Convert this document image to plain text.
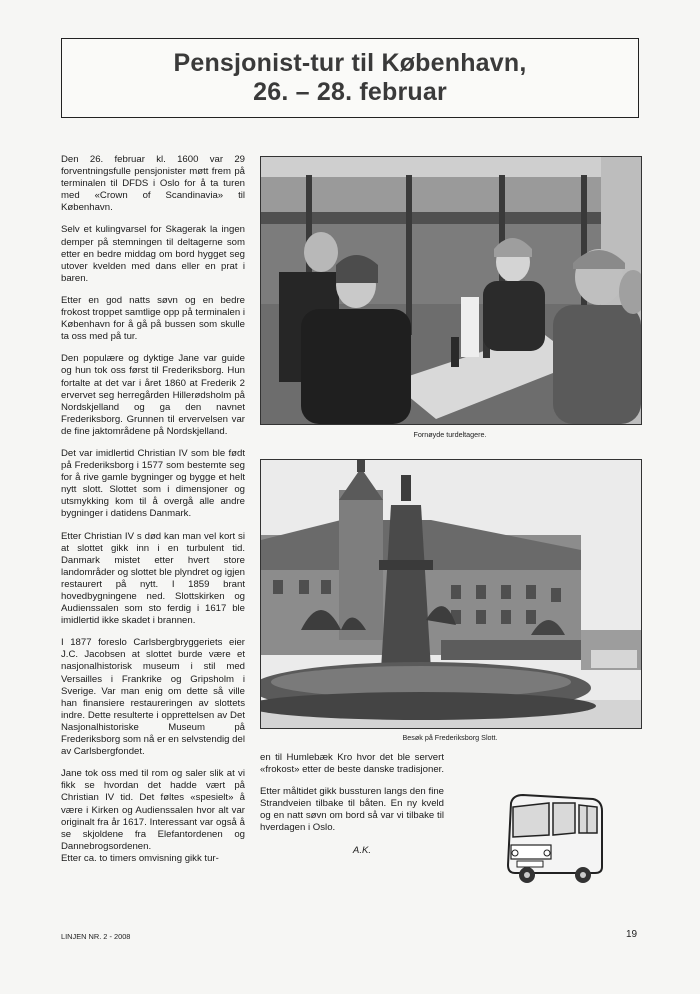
Pensjonist-tur til København,
26. – 28. februar

Den 26. februar kl. 1600 var 29 forventningsfulle pensjonister møtt frem på terminalen til DFDS i Oslo for å ta turen med «Crown of Scandinavia» til København.

Selv et kulingvarsel for Skagerak la ingen demper på stemningen til deltagerne som etter en bedre middag om bord hygget seg utover kvelden med dans eller en prat i baren.

Etter en god natts søvn og en bedre frokost troppet samtlige opp på terminalen i København for å gå på bussen som skulle ta oss med på tur.

Den populære og dyktige Jane var guide og hun tok oss først til Frederiksborg. Hun fortalte at det var i året 1860 at Frederik 2 ervervet seg herregården Hillerødsholm på Nordskjelland og ga den navnet Frederiksborg. Grunnen til ervervelsen var de fine jaktområdene på Nordskjelland.

Det var imidlertid Christian IV som ble født på Frederiksborg i 1577 som bestemte seg for å rive gamle bygninger og bygge et helt nytt slott. Slottet som i dimensjoner og utsmykking kom til å overgå alle andre bygninger i datidens Danmark.

Etter Christian IV s død kan man vel kort si at slottet gikk inn i en turbulent tid. Danmark mistet etter hvert store landområder og slottet ble plyndret og igjen restaurert på nytt. I 1859 brant hovedbygningene ned. Slottskirken og Audienssalen som sto ferdig i 1617 ble imidlertid ikke skadet i brannen.

I 1877 foreslo Carlsbergbryggeriets eier J.C. Jacobsen at slottet burde være et nasjonalhistorisk museum i stil med Versailles i Frankrike og Gripsholm i Sverige. Var man enig om dette så ville han finansiere restaureringen av slottets indre. Dette resulterte i opprettelsen av Det Nasjonalhistoriske Museum på Frederiksborg som nå er en selvstendig del av Carlsbergfondet.

Jane tok oss med til rom og saler slik at vi fikk se hvordan det hadde vært på Christian IV tid. Det føltes «spesielt» å være i Kirken og Audienssalen hvor alt var originalt fra år 1617. Interessant var også å se skjoldene fra Elefantordenen og Dannebrogsordenen.

Etter ca. to timers omvisning gikk tur-

Fornøyde turdeltagere.
Besøk på Frederiksborg Slott.

en til Humlebæk Kro hvor det ble servert «frokost» etter de beste danske tradisjoner.

Etter måltidet gikk bussturen langs den fine Strandveien tilbake til båten. En ny kveld og en natt søvn om bord så var vi tilbake til hverdagen i Oslo.

A.K.
LINJEN NR. 2 - 2008	19
